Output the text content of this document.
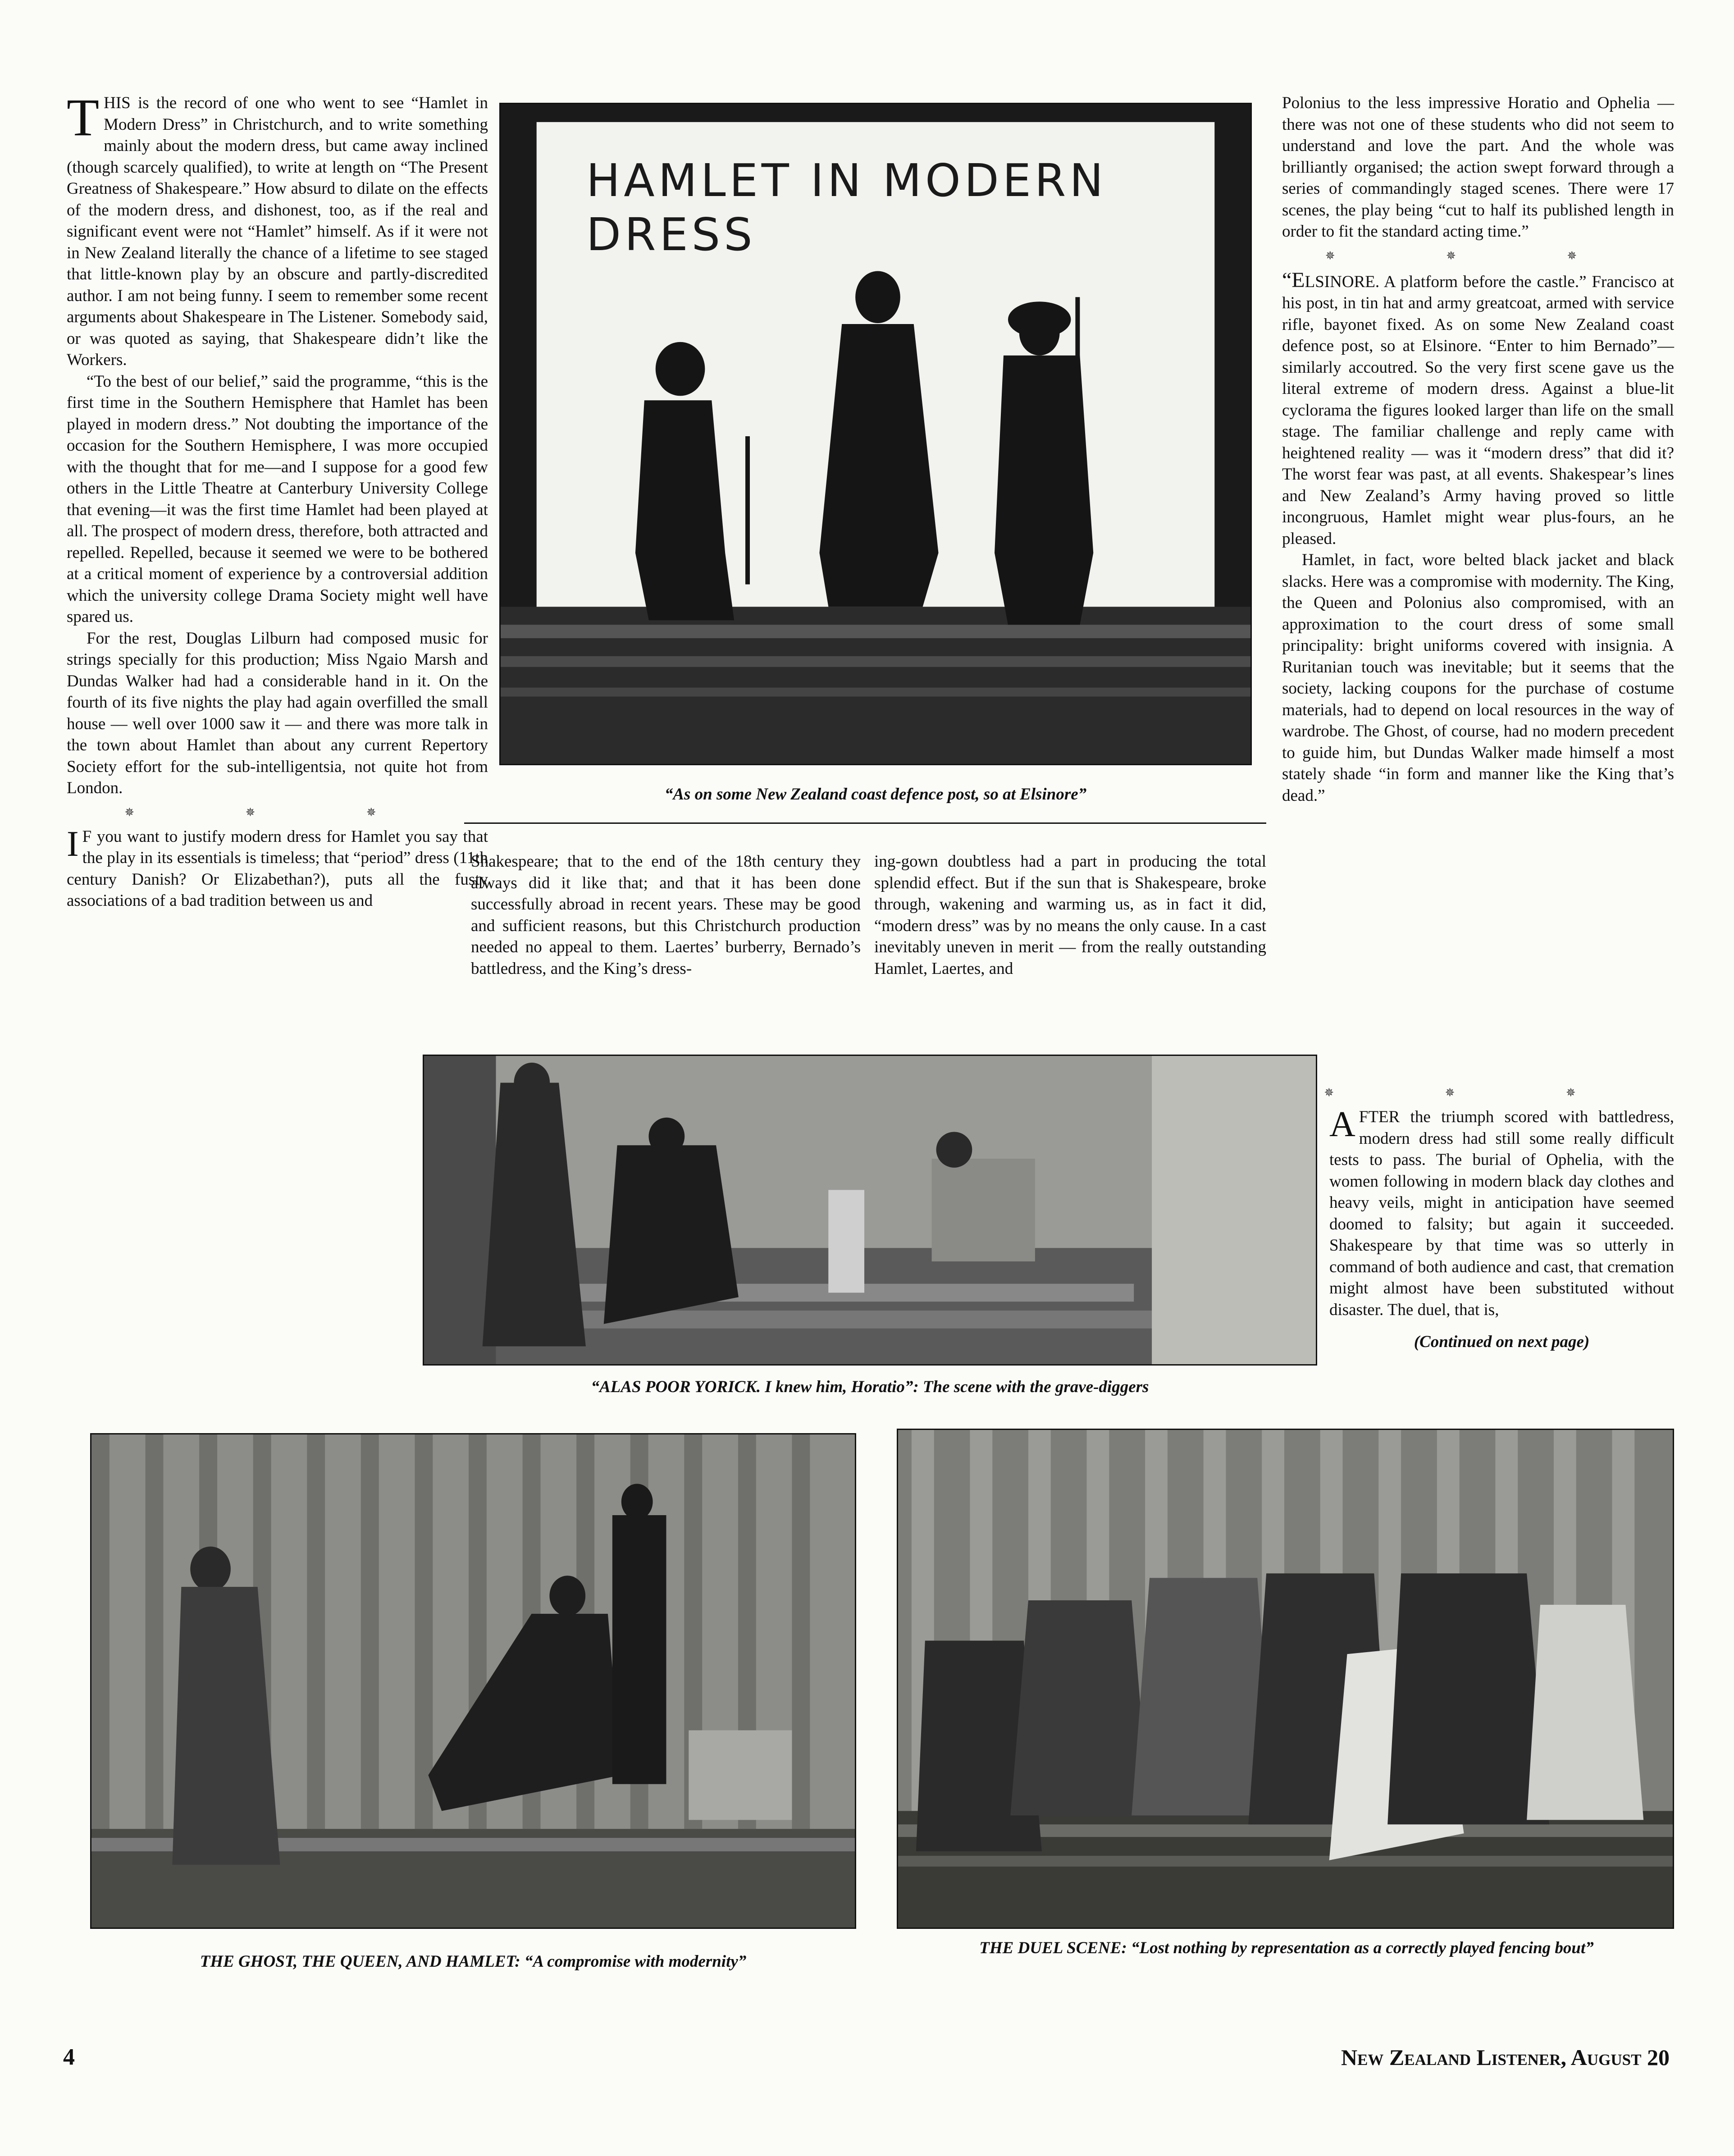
THIS is the record of one who went to see “Hamlet in Modern Dress” in Christchurch, and to write something mainly about the modern dress, but came away inclined (though scarcely qualified), to write at length on “The Present Greatness of Shakespeare.” How absurd to dilate on the effects of the modern dress, and dishonest, too, as if the real and significant event were not “Hamlet” himself. As if it were not in New Zealand literally the chance of a lifetime to see staged that little-known play by an obscure and partly-discredited author. I am not being funny. I seem to remember some recent arguments about Shakespeare in The Listener. Somebody said, or was quoted as saying, that Shakespeare didn’t like the Workers.

“To the best of our belief,” said the programme, “this is the first time in the Southern Hemisphere that Hamlet has been played in modern dress.” Not doubting the importance of the occasion for the Southern Hemisphere, I was more occupied with the thought that for me—and I suppose for a good few others in the Little Theatre at Canterbury University College that evening—it was the first time Hamlet had been played at all. The prospect of modern dress, therefore, both attracted and repelled. Repelled, because it seemed we were to be bothered at a critical moment of experience by a controversial addition which the university college Drama Society might well have spared us.

For the rest, Douglas Lilburn had composed music for strings specially for this production; Miss Ngaio Marsh and Dundas Walker had had a considerable hand in it. On the fourth of its five nights the play had again overfilled the small house — well over 1000 saw it — and there was more talk in the town about Hamlet than about any current Repertory Society effort for the sub-intelligentsia, not quite hot from London.

✵ ✵ ✵

I F you want to justify modern dress for Hamlet you say that the play in its essentials is timeless; that “period” dress (11th century Danish? Or Elizabethan?), puts all the fusty associations of a bad tradition between us and

HAMLET IN MODERN
DRESS
“As on some New Zealand coast defence post, so at Elsinore”

Shakespeare; that to the end of the 18th century they always did it like that; and that it has been done successfully abroad in recent years. These may be good and sufficient reasons, but this Christchurch production needed no appeal to them. Laertes’ burberry, Bernado’s battledress, and the King’s dress-

ing-gown doubtless had a part in producing the total splendid effect. But if the sun that is Shakespeare, broke through, wakening and warming us, as in fact it did, “modern dress” was by no means the only cause. In a cast inevitably uneven in merit — from the really outstanding Hamlet, Laertes, and

Polonius to the less impressive Horatio and Ophelia — there was not one of these students who did not seem to understand and love the part. And the whole was brilliantly organised; the action swept forward through a series of commandingly staged scenes. There were 17 scenes, the play being “cut to half its published length in order to fit the standard acting time.”

✵ ✵ ✵

“ELSINORE. A platform before the castle.” Francisco at his post, in tin hat and army greatcoat, armed with service rifle, bayonet fixed. As on some New Zealand coast defence post, so at Elsinore. “Enter to him Bernado”—similarly accoutred. So the very first scene gave us the literal extreme of modern dress. Against a blue-lit cyclorama the figures looked larger than life on the small stage. The familiar challenge and reply came with heightened reality — was it “modern dress” that did it? The worst fear was past, at all events. Shakespear’s lines and New Zealand’s Army having proved so little incongruous, Hamlet might wear plus-fours, an he pleased.

Hamlet, in fact, wore belted black jacket and black slacks. Here was a compromise with modernity. The King, the Queen and Polonius also compromised, with an approximation to the court dress of some small principality: bright uniforms covered with insignia. A Ruritanian touch was inevitable; but it seems that the society, lacking coupons for the purchase of costume materials, had to depend on local resources in the way of wardrobe. The Ghost, of course, had no modern precedent to guide him, but Dundas Walker made himself a most stately shade “in form and manner like the King that’s dead.”

✵ ✵ ✵

AFTER the triumph scored with battledress, modern dress had still some really difficult tests to pass. The burial of Ophelia, with the women following in modern black day clothes and heavy veils, might in anticipation have seemed doomed to falsity; but again it succeeded. Shakespeare by that time was so utterly in command of both audience and cast, that cremation might almost have been substituted without disaster. The duel, that is,

(Continued on next page)

“ALAS POOR YORICK. I knew him, Horatio”: The scene with the grave-diggers
THE GHOST, THE QUEEN, AND HAMLET: “A compromise with modernity”
THE DUEL SCENE: “Lost nothing by representation as a correctly played fencing bout”
4	New Zealand Listener, August 20
